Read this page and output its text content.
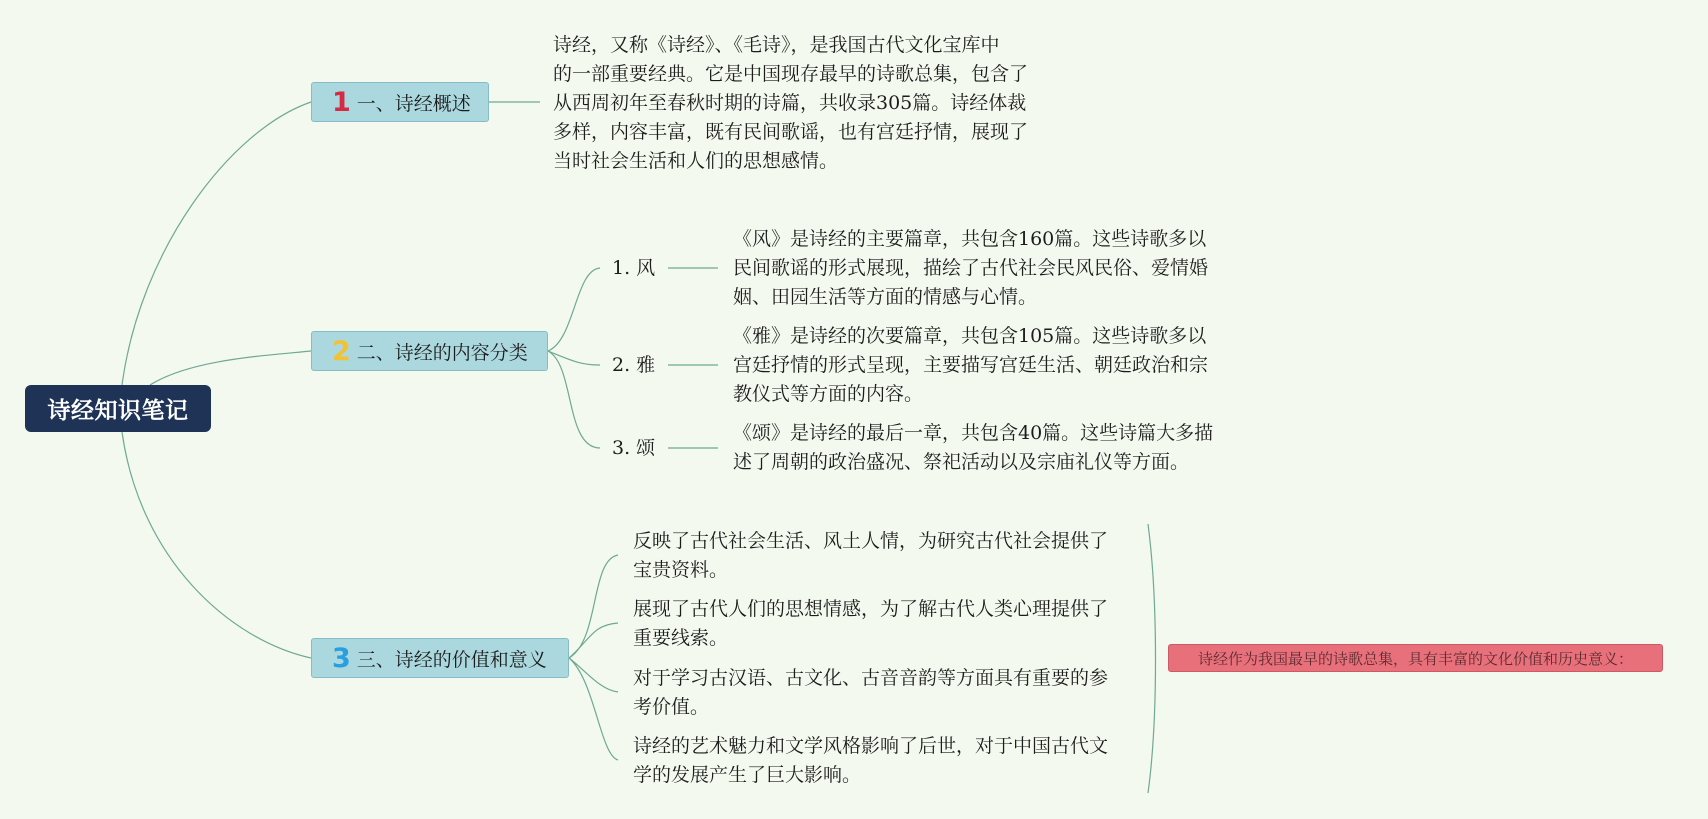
诗经知识笔记
1 一、诗经概述
诗经，又称《诗经》、《毛诗》，是我国古代文化宝库中
的一部重要经典。它是中国现存最早的诗歌总集，包含了
从西周初年至春秋时期的诗篇，共收录305篇。诗经体裁
多样，内容丰富，既有民间歌谣，也有宫廷抒情，展现了
当时社会生活和人们的思想感情。
2 二、诗经的内容分类
1. 风
《风》是诗经的主要篇章，共包含160篇。这些诗歌多以
民间歌谣的形式展现，描绘了古代社会民风民俗、爱情婚
姻、田园生活等方面的情感与心情。
2. 雅
《雅》是诗经的次要篇章，共包含105篇。这些诗歌多以
宫廷抒情的形式呈现，主要描写宫廷生活、朝廷政治和宗
教仪式等方面的内容。
3. 颂
《颂》是诗经的最后一章，共包含40篇。这些诗篇大多描
述了周朝的政治盛况、祭祀活动以及宗庙礼仪等方面。
3 三、诗经的价值和意义
反映了古代社会生活、风土人情，为研究古代社会提供了
宝贵资料。
展现了古代人们的思想情感，为了解古代人类心理提供了
重要线索。
对于学习古汉语、古文化、古音音韵等方面具有重要的参
考价值。
诗经的艺术魅力和文学风格影响了后世，对于中国古代文
学的发展产生了巨大影响。
诗经作为我国最早的诗歌总集，具有丰富的文化价值和历史意义：
